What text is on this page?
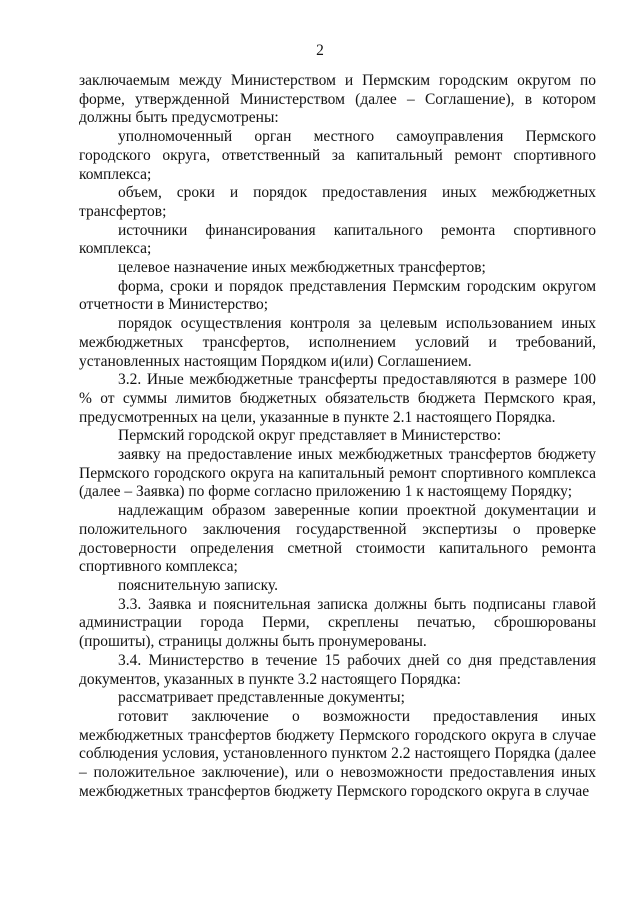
2

заключаемым между Министерством и Пермским городским округом по форме, утвержденной Министерством (далее – Соглашение), в котором должны быть предусмотрены:

уполномоченный орган местного самоуправления Пермского городского округа, ответственный за капитальный ремонт спортивного комплекса;

объем, сроки и порядок предоставления иных межбюджетных трансфертов;

источники финансирования капитального ремонта спортивного комплекса;

целевое назначение иных межбюджетных трансфертов;

форма, сроки и порядок представления Пермским городским округом отчетности в Министерство;

порядок осуществления контроля за целевым использованием иных межбюджетных трансфертов, исполнением условий и требований, установленных настоящим Порядком и(или) Соглашением.

3.2. Иные межбюджетные трансферты предоставляются в размере 100 % от суммы лимитов бюджетных обязательств бюджета Пермского края, предусмотренных на цели, указанные в пункте 2.1 настоящего Порядка.

Пермский городской округ представляет в Министерство:

заявку на предоставление иных межбюджетных трансфертов бюджету Пермского городского округа на капитальный ремонт спортивного комплекса (далее – Заявка) по форме согласно приложению 1 к настоящему Порядку;

надлежащим образом заверенные копии проектной документации и положительного заключения государственной экспертизы о проверке достоверности определения сметной стоимости капитального ремонта спортивного комплекса;

пояснительную записку.

3.3. Заявка и пояснительная записка должны быть подписаны главой администрации города Перми, скреплены печатью, сброшюрованы (прошиты), страницы должны быть пронумерованы.

3.4. Министерство в течение 15 рабочих дней со дня представления документов, указанных в пункте 3.2 настоящего Порядка:

рассматривает представленные документы;

готовит заключение о возможности предоставления иных межбюджетных трансфертов бюджету Пермского городского округа в случае соблюдения условия, установленного пунктом 2.2 настоящего Порядка (далее – положительное заключение), или о невозможности предоставления иных межбюджетных трансфертов бюджету Пермского городского округа в случае
